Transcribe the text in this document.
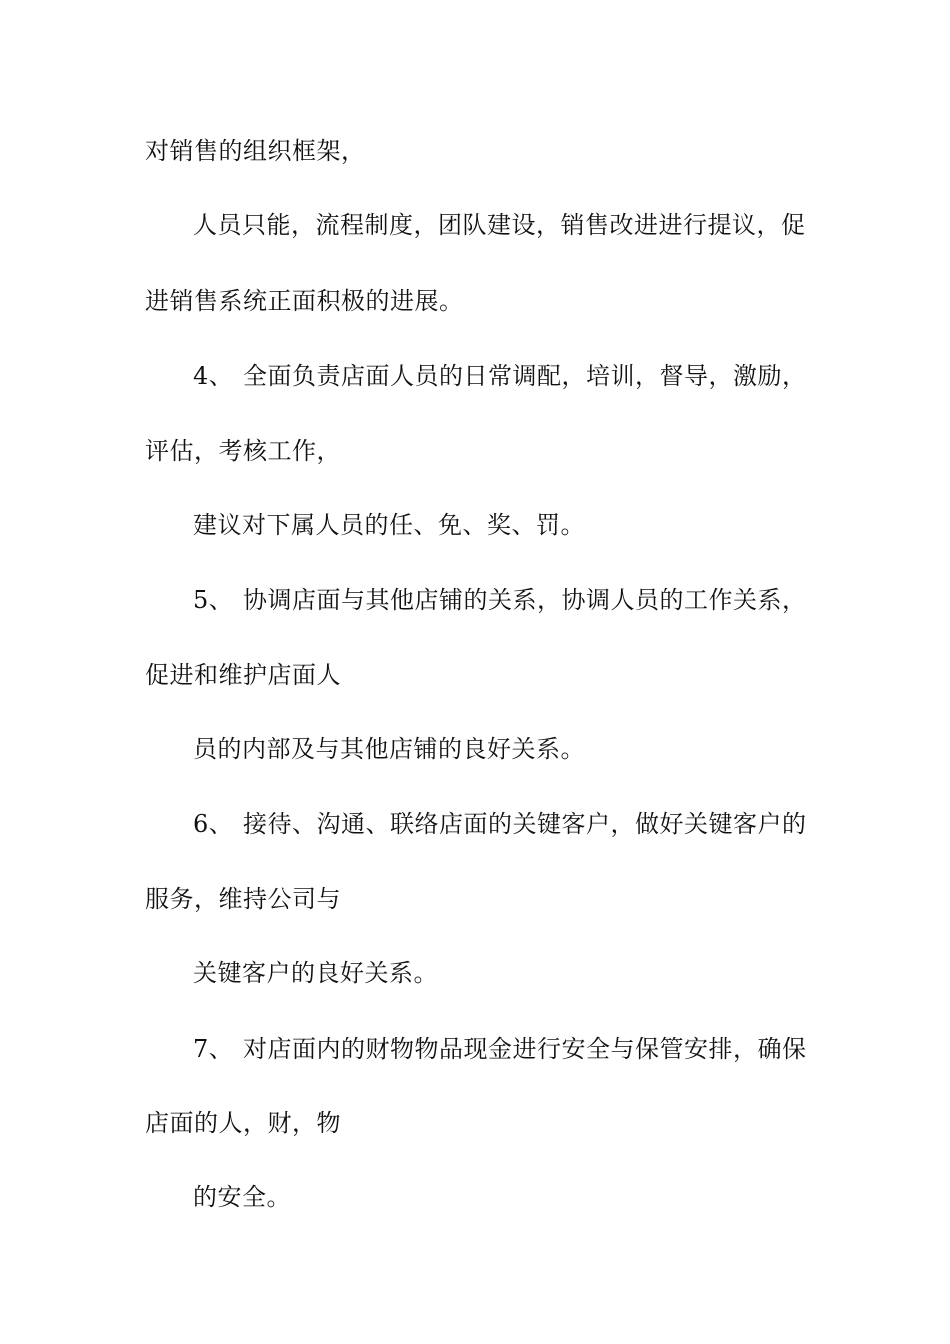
对销售的组织框架，
人员只能，流程制度，团队建设，销售改进进行提议，促
进销售系统正面积极的进展。
4、 全面负责店面人员的日常调配，培训，督导，激励，
评估，考核工作，
建议对下属人员的任、免、奖、罚。
5、 协调店面与其他店铺的关系，协调人员的工作关系，
促进和维护店面人
员的内部及与其他店铺的良好关系。
6、 接待、沟通、联络店面的关键客户，做好关键客户的
服务，维持公司与
关键客户的良好关系。
7、 对店面内的财物物品现金进行安全与保管安排，确保
店面的人，财，物
的安全。
